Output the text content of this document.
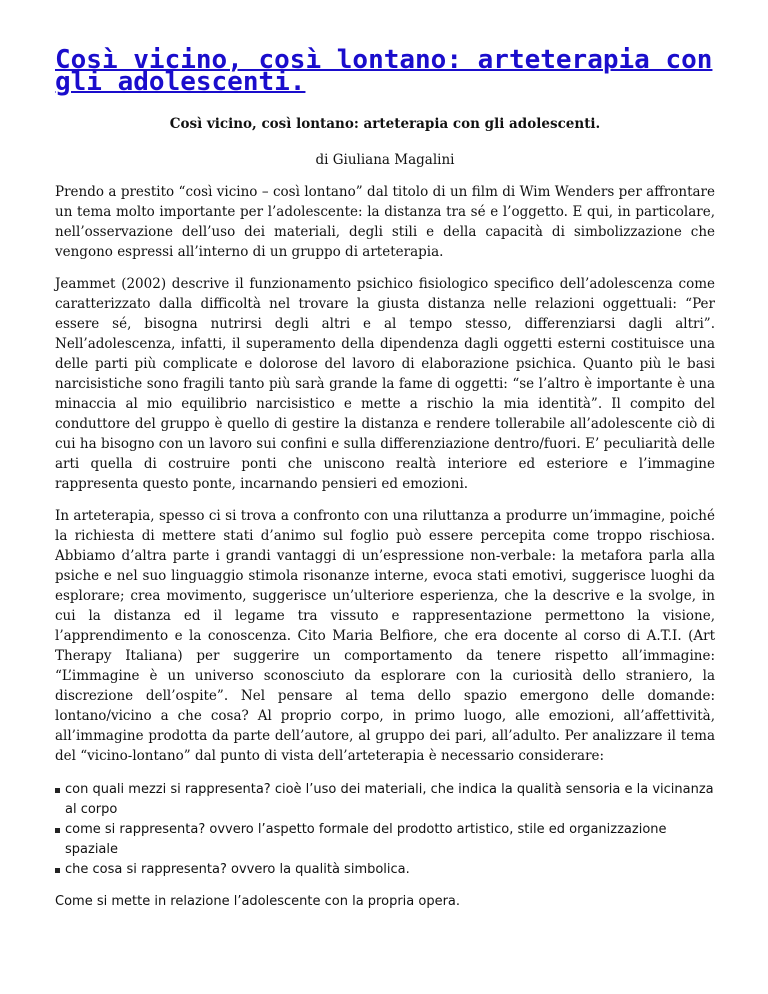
Così vicino, così lontano: arteterapia con gli adolescenti.
Così vicino, così lontano: arteterapia con gli adolescenti.
di Giuliana Magalini

Prendo a prestito “così vicino – così lontano” dal titolo di un film di Wim Wenders per affrontare un tema molto importante per l’adolescente: la distanza tra sé e l’oggetto. E qui, in particolare, nell’osservazione dell’uso dei materiali, degli stili e della capacità di simbolizzazione che vengono espressi all’interno di un gruppo di arteterapia.

Jeammet (2002) descrive il funzionamento psichico fisiologico specifico dell’adolescenza come caratterizzato dalla difficoltà nel trovare la giusta distanza nelle relazioni oggettuali: “Per essere sé, bisogna nutrirsi degli altri e al tempo stesso, differenziarsi dagli altri”. Nell’adolescenza, infatti, il superamento della dipendenza dagli oggetti esterni costituisce una delle parti più complicate e dolorose del lavoro di elaborazione psichica. Quanto più le basi narcisistiche sono fragili tanto più sarà grande la fame di oggetti: “se l’altro è importante è una minaccia al mio equilibrio narcisistico e mette a rischio la mia identità”. Il compito del conduttore del gruppo è quello di gestire la distanza e rendere tollerabile all’adolescente ciò di cui ha bisogno con un lavoro sui confini e sulla differenziazione dentro/fuori. E’ peculiarità delle arti quella di costruire ponti che uniscono realtà interiore ed esteriore e l’immagine rappresenta questo ponte, incarnando pensieri ed emozioni.

In arteterapia, spesso ci si trova a confronto con una riluttanza a produrre un’immagine, poiché la richiesta di mettere stati d’animo sul foglio può essere percepita come troppo rischiosa. Abbiamo d’altra parte i grandi vantaggi di un’espressione non-verbale: la metafora parla alla psiche e nel suo linguaggio stimola risonanze interne, evoca stati emotivi, suggerisce luoghi da esplorare; crea movimento, suggerisce un’ulteriore esperienza, che la descrive e la svolge, in cui la distanza ed il legame tra vissuto e rappresentazione permettono la visione, l’apprendimento e la conoscenza. Cito Maria Belfiore, che era docente al corso di A.T.I. (Art Therapy Italiana) per suggerire un comportamento da tenere rispetto all’immagine: “L’immagine è un universo sconosciuto da esplorare con la curiosità dello straniero, la discrezione dell’ospite”. Nel pensare al tema dello spazio emergono delle domande: lontano/vicino a che cosa? Al proprio corpo, in primo luogo, alle emozioni, all’affettività, all’immagine prodotta da parte dell’autore, al gruppo dei pari, all’adulto. Per analizzare il tema del “vicino-lontano” dal punto di vista dell’arteterapia è necessario considerare:

con quali mezzi si rappresenta? cioè l’uso dei materiali, che indica la qualità sensoria e la vicinanza al corpo
come si rappresenta? ovvero l’aspetto formale del prodotto artistico, stile ed organizzazione spaziale
che cosa si rappresenta? ovvero la qualità simbolica.

Come si mette in relazione l’adolescente con la propria opera.
